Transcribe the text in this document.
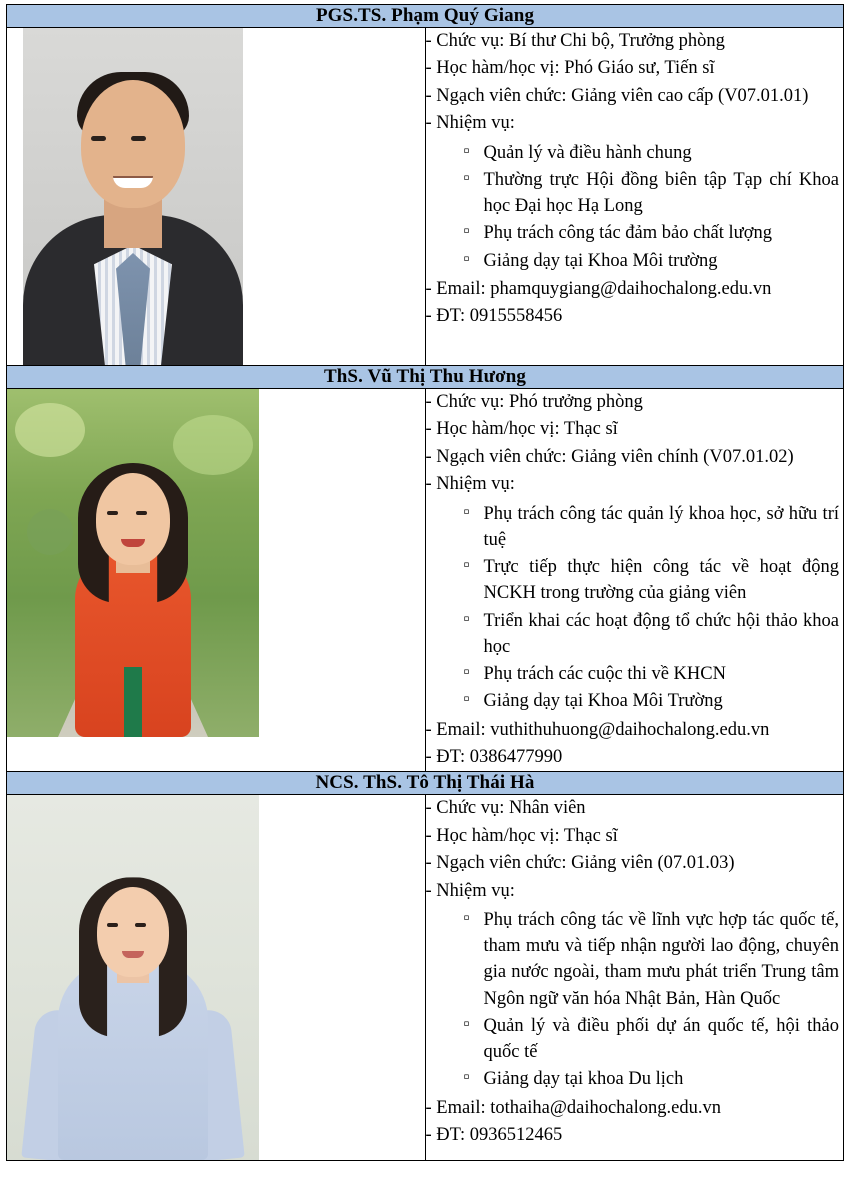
PGS.TS. Phạm Quý Giang	

- Chức vụ: Bí thư Chi bộ, Trưởng phòng
- Học hàm/học vị: Phó Giáo sư, Tiến sĩ
- Ngạch viên chức: Giảng viên cao cấp (V07.01.01)
- Nhiệm vụ:
▫ Quản lý và điều hành chung
▫ Thường trực Hội đồng biên tập Tạp chí Khoa học Đại học Hạ Long
▫ Phụ trách công tác đảm bảo chất lượng
▫ Giảng dạy tại Khoa Môi trường
- Email: phamquygiang@daihochalong.edu.vn
- ĐT: 0915558456

ThS. Vũ Thị Thu Hương	

- Chức vụ: Phó trưởng phòng
- Học hàm/học vị: Thạc sĩ
- Ngạch viên chức: Giảng viên chính (V07.01.02)
- Nhiệm vụ:
▫ Phụ trách công tác quản lý khoa học, sở hữu trí tuệ
▫ Trực tiếp thực hiện công tác về hoạt động NCKH trong trường của giảng viên
▫ Triển khai các hoạt động tổ chức hội thảo khoa học
▫ Phụ trách các cuộc thi về KHCN
▫ Giảng dạy tại Khoa Môi Trường
- Email: vuthithuhuong@daihochalong.edu.vn
- ĐT: 0386477990

NCS. ThS. Tô Thị Thái Hà	

- Chức vụ: Nhân viên
- Học hàm/học vị: Thạc sĩ
- Ngạch viên chức: Giảng viên (07.01.03)
- Nhiệm vụ:
▫ Phụ trách công tác về lĩnh vực hợp tác quốc tế, tham mưu và tiếp nhận người lao động, chuyên gia nước ngoài, tham mưu phát triển Trung tâm Ngôn ngữ văn hóa Nhật Bản, Hàn Quốc
▫ Quản lý và điều phối dự án quốc tế, hội thảo quốc tế
▫ Giảng dạy tại khoa Du lịch
- Email: tothaiha@daihochalong.edu.vn
- ĐT: 0936512465
